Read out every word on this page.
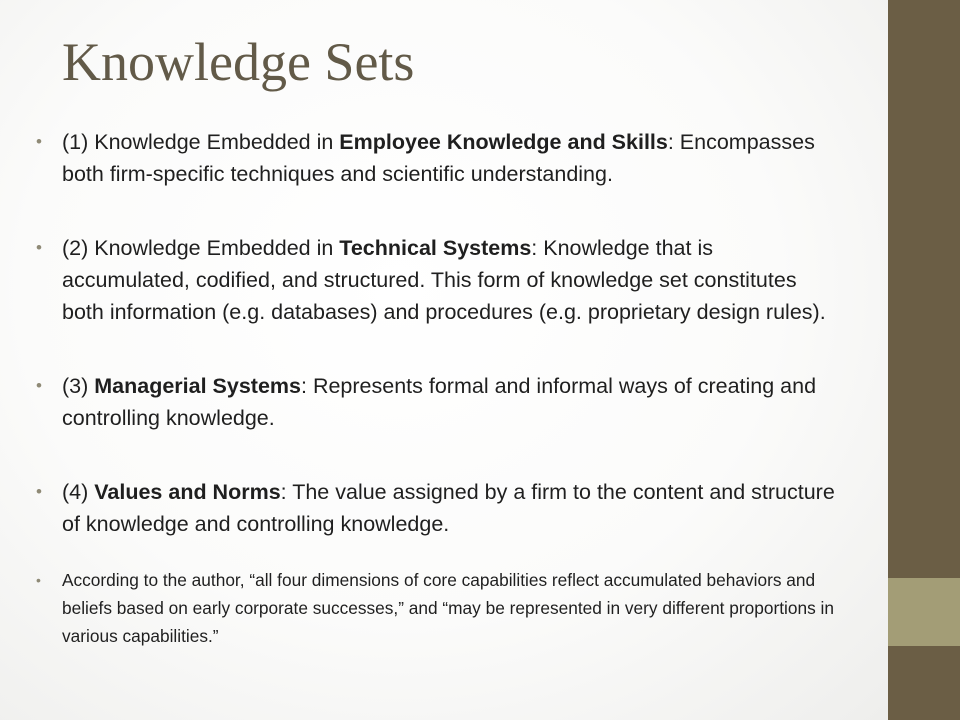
Knowledge Sets
• (1) Knowledge Embedded in Employee Knowledge and Skills: Encompasses both firm-specific techniques and scientific understanding.
• (2) Knowledge Embedded in Technical Systems: Knowledge that is accumulated, codified, and structured. This form of knowledge set constitutes both information (e.g. databases) and procedures (e.g. proprietary design rules).
• (3) Managerial Systems: Represents formal and informal ways of creating and controlling knowledge.
• (4) Values and Norms: The value assigned by a firm to the content and structure of knowledge and controlling knowledge.
• According to the author, “all four dimensions of core capabilities reflect accumulated behaviors and beliefs based on early corporate successes,” and “may be represented in very different proportions in various capabilities.”
